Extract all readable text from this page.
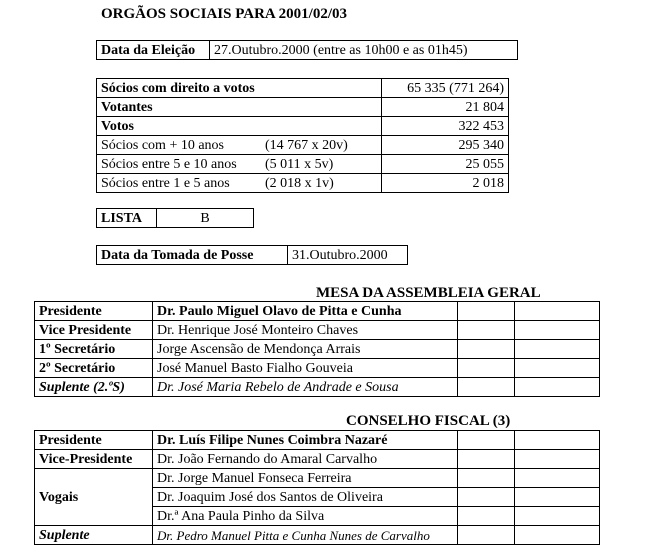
ORGÃOS SOCIAIS PARA 2001/02/03
Data da Eleição	27.Outubro.2000 (entre as 10h00 e as 01h45)
Sócios com direito a votos	65 335 (771 264)
Votantes	21 804
Votos	322 453
Sócios com + 10 anos (14 767 x 20v)	295 340
Sócios entre 5 e 10 anos (5 011 x 5v)	25 055
Sócios entre 1 e 5 anos (2 018 x 1v)	2 018
LISTA	B
Data da Tomada de Posse	31.Outubro.2000
MESA DA ASSEMBLEIA GERAL
Presidente	Dr. Paulo Miguel Olavo de Pitta e Cunha		
Vice Presidente	Dr. Henrique José Monteiro Chaves		
1º Secretário	Jorge Ascensão de Mendonça Arrais		
2º Secretário	José Manuel Basto Fialho Gouveia		
Suplente (2.ºS)	Dr. José Maria Rebelo de Andrade e Sousa		
CONSELHO FISCAL (3)
Presidente	Dr. Luís Filipe Nunes Coimbra Nazaré		
Vice-Presidente	Dr. João Fernando do Amaral Carvalho		
Vogais	Dr. Jorge Manuel Fonseca Ferreira		
	Dr. Joaquim José dos Santos de Oliveira		
	Dr.ª Ana Paula Pinho da Silva		
Suplente	Dr. Pedro Manuel Pitta e Cunha Nunes de Carvalho		
